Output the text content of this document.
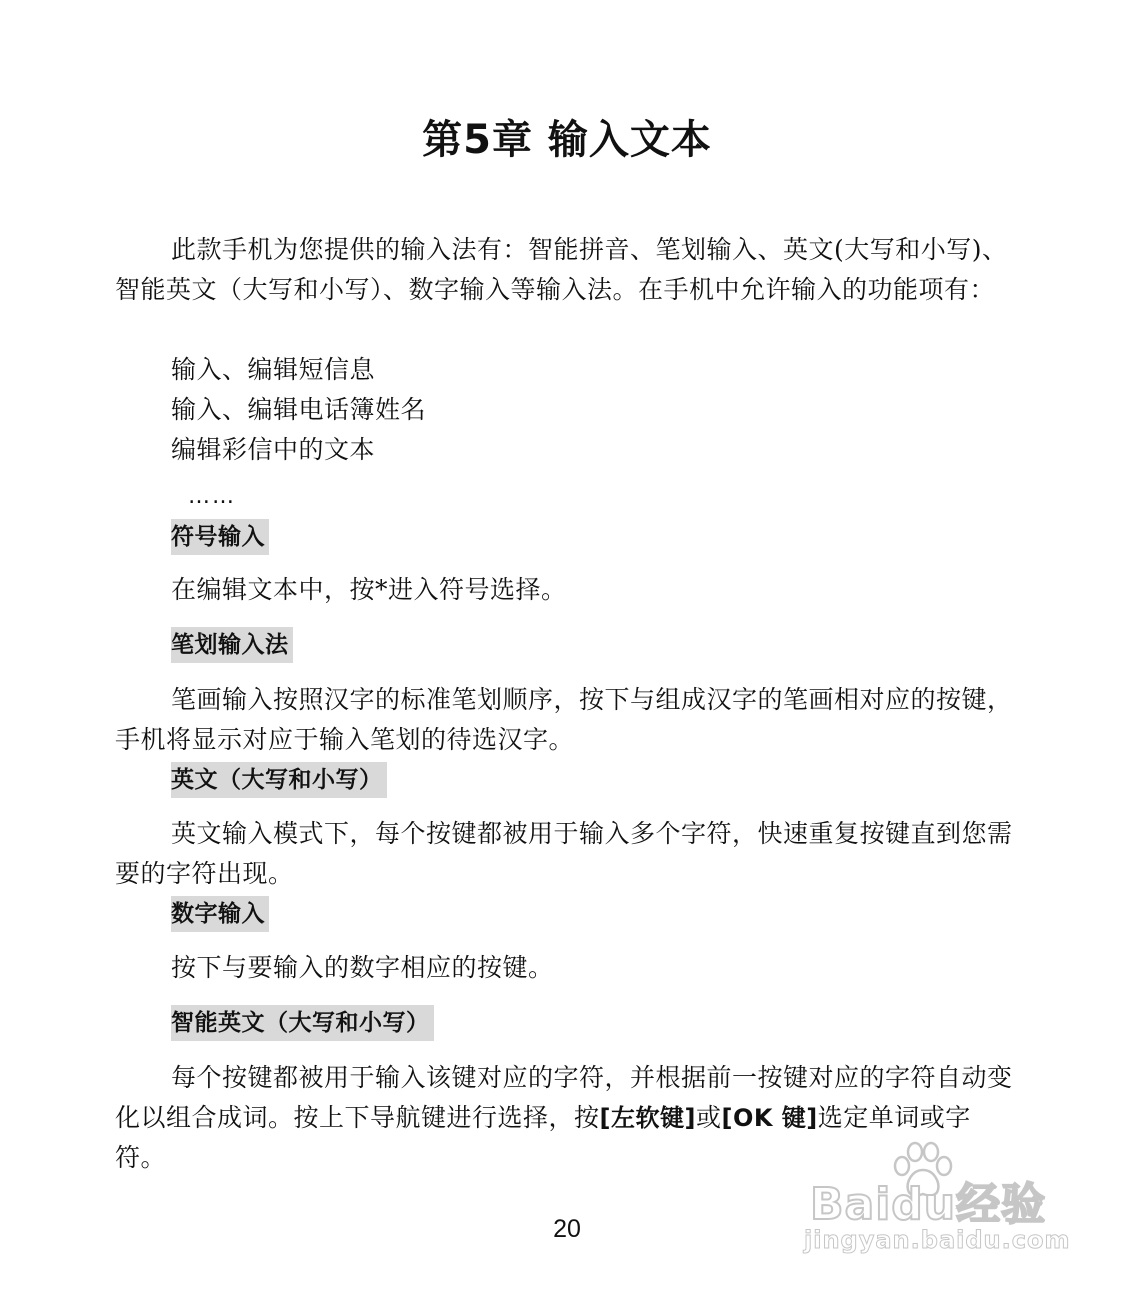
第5章 输入文本
此款手机为您提供的输入法有：智能拼音、笔划输入、英文(大写和小写)、智能英文（大写和小写）、数字输入等输入法。在手机中允许输入的功能项有：
输入、编辑短信息
输入、编辑电话簿姓名
编辑彩信中的文本
……
符号输入
在编辑文本中，按*进入符号选择。
笔划输入法
笔画输入按照汉字的标准笔划顺序，按下与组成汉字的笔画相对应的按键，手机将显示对应于输入笔划的待选汉字。
英文（大写和小写）
英文输入模式下，每个按键都被用于输入多个字符，快速重复按键直到您需要的字符出现。
数字输入
按下与要输入的数字相应的按键。
智能英文（大写和小写）
每个按键都被用于输入该键对应的字符，并根据前一按键对应的字符自动变化以组合成词。按上下导航键进行选择，按[左软键]或[OK 键]选定单词或字符。
20	Baidu经验
jingyan.baidu.com
